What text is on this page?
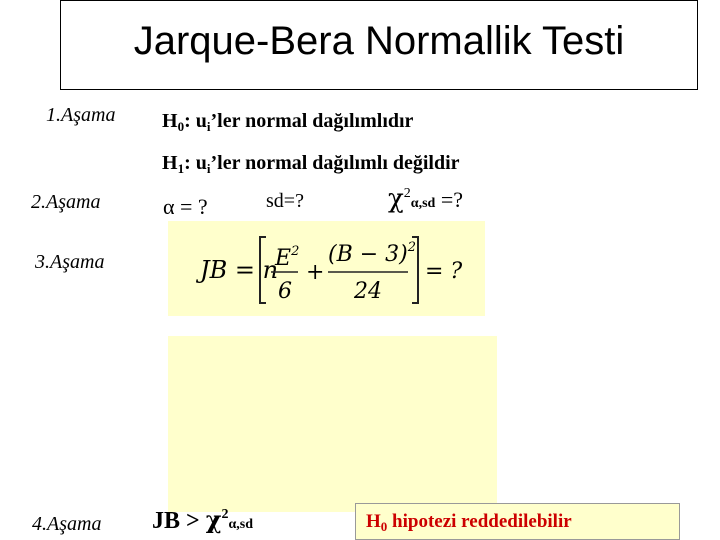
Jarque-Bera Normallik Testi
1.Aşama
2.Aşama
3.Aşama
4.Aşama
$H_0$: $u_i’ler$ normal dağılımlıdır
$H_1$: $u_i’ler$ normal dağılımlı değildir
α = ?	sd=?	$\chi^2\alpha,sd$ =?
JB = n
$E^2$
6
+
$(B - 3)^2$
24
= ?
JB > $\chi^2\alpha,sd$	$H_0$ hipotezi reddedilebilir
